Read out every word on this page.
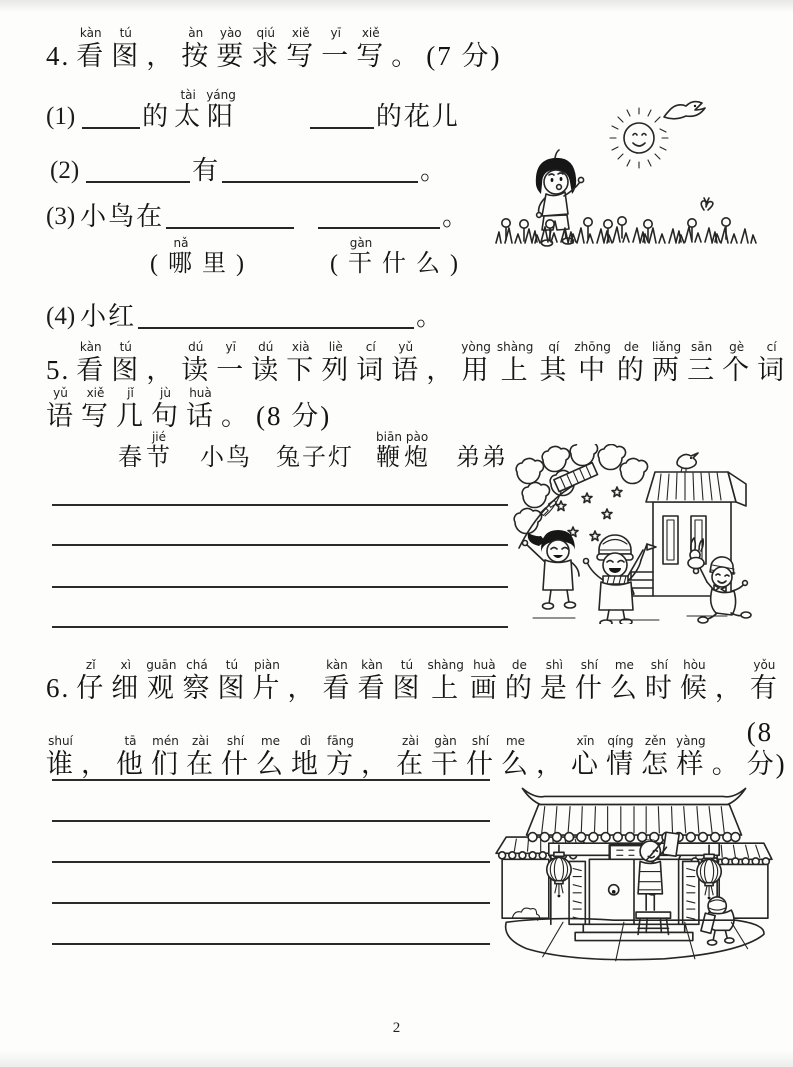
4.
kàn
看
tú
图
，
àn
按
yào
要
qiú
求
xiě
写
yī
一
xiě
写
。
(7 分)
(1)
	的
tài
太
yáng
阳
	的花儿
(2)
	有
	。
(3)
小鸟在
	。

(
nǎ
哪
里
)
	(
gàn
干
什
么
)
(4)
小红
	。

5.
kàn
看
tú
图
，
dú
读
yī
一
dú
读
xià
下
liè
列
cí
词
yǔ
语
，
yòng
用
shàng
上
qí
其
zhōng
中
de
的
liǎng
两
sān
三
gè
个
cí
词
yǔ
语
xiě
写
jǐ
几
jù
句
huà
话
。
(8 分)

春
jié
节
小鸟
兔子灯
biān
鞭
pào
炮
弟弟

6.
zǐ
仔
xì
细
guān
观
chá
察
tú
图
piàn
片
，
kàn
看
kàn
看
tú
图
shàng
上
huà
画
de
的
shì
是
shí
什
me
么
shí
时
hòu
候
，
yǒu
有
shuí
谁
，
tā
他
mén
们
zài
在
shí
什
me
么
dì
地
fāng
方
，
zài
在
gàn
干
shí
什
me
么
，
xīn
心
qíng
情
zěn
怎
yàng
样
。

(8 分)
2
